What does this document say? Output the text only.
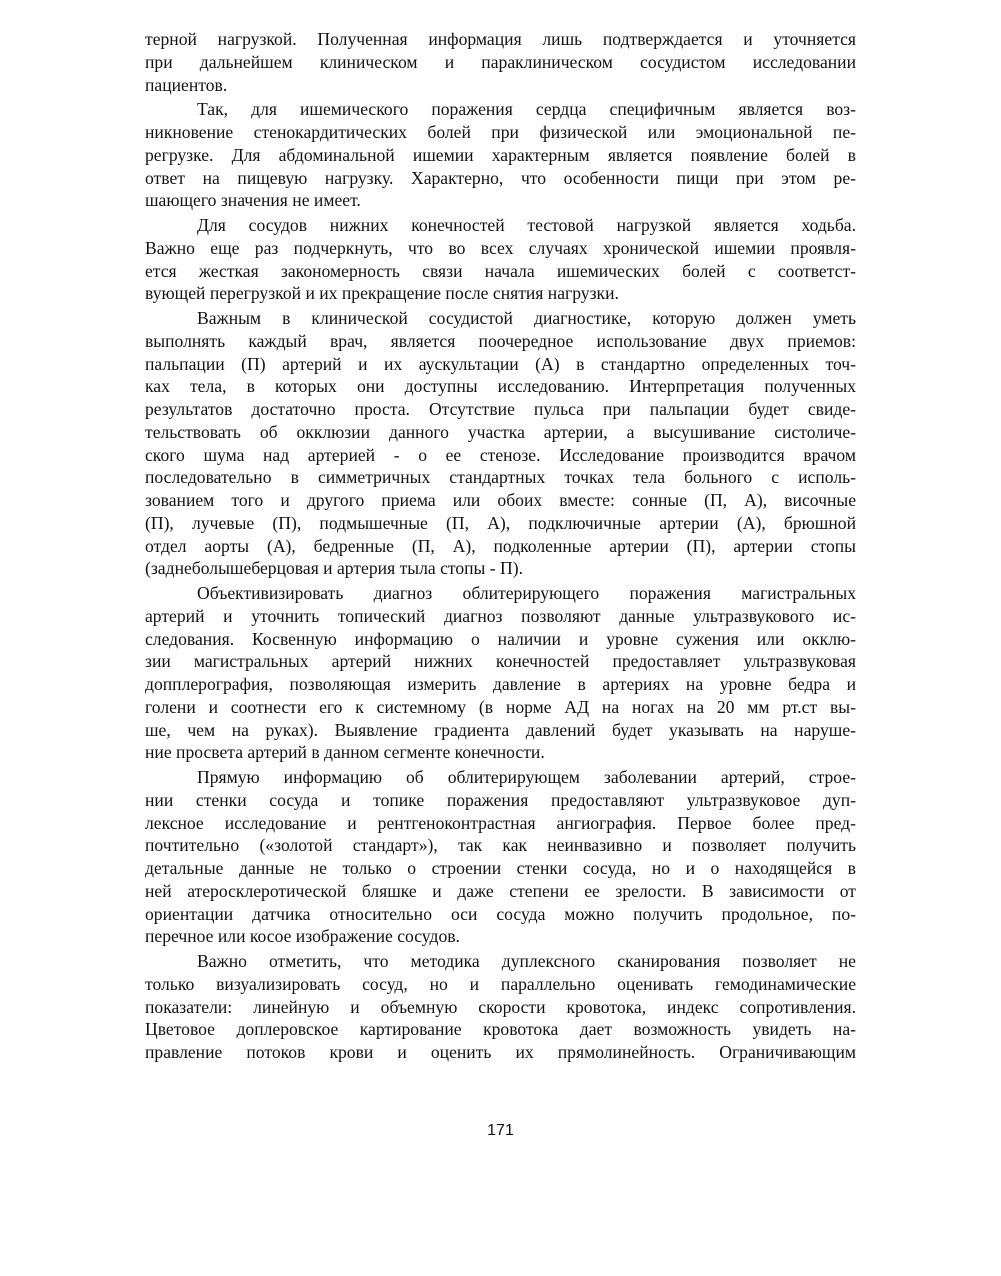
терной нагрузкой. Полученная информация лишь подтверждается и уточняется
при дальнейшем клиническом и параклиническом сосудистом исследовании
пациентов.

Так, для ишемического поражения сердца специфичным является воз-
никновение стенокардитических болей при физической или эмоциональной пе-
регрузке. Для абдоминальной ишемии характерным является появление болей в
ответ на пищевую нагрузку. Характерно, что особенности пищи при этом ре-
шающего значения не имеет.

Для сосудов нижних конечностей тестовой нагрузкой является ходьба.
Важно еще раз подчеркнуть, что во всех случаях хронической ишемии проявля-
ется жесткая закономерность связи начала ишемических болей с соответст-
вующей перегрузкой и их прекращение после снятия нагрузки.

Важным в клинической сосудистой диагностике, которую должен уметь
выполнять каждый врач, является поочередное использование двух приемов:
пальпации (П) артерий и их аускультации (А) в стандартно определенных точ-
ках тела, в которых они доступны исследованию. Интерпретация полученных
результатов достаточно проста. Отсутствие пульса при пальпации будет свиде-
тельствовать об окклюзии данного участка артерии, а высушивание систоличе-
ского шума над артерией - о ее стенозе. Исследование производится врачом
последовательно в симметричных стандартных точках тела больного с исполь-
зованием того и другого приема или обоих вместе: сонные (П, А), височные
(П), лучевые (П), подмышечные (П, А), подключичные артерии (А), брюшной
отдел аорты (А), бедренные (П, А), подколенные артерии (П), артерии стопы
(заднеболышеберцовая и артерия тыла стопы - П).

Объективизировать диагноз облитерирующего поражения магистральных
артерий и уточнить топический диагноз позволяют данные ультразвукового ис-
следования. Косвенную информацию о наличии и уровне сужения или окклю-
зии магистральных артерий нижних конечностей предоставляет ультразвуковая
допплерография, позволяющая измерить давление в артериях на уровне бедра и
голени и соотнести его к системному (в норме АД на ногах на 20 мм рт.ст вы-
ше, чем на руках). Выявление градиента давлений будет указывать на наруше-
ние просвета артерий в данном сегменте конечности.

Прямую информацию об облитерирующем заболевании артерий, строе-
нии стенки сосуда и топике поражения предоставляют ультразвуковое дуп-
лексное исследование и рентгеноконтрастная ангиография. Первое более пред-
почтительно («золотой стандарт»), так как неинвазивно и позволяет получить
детальные данные не только о строении стенки сосуда, но и о находящейся в
ней атеросклеротической бляшке и даже степени ее зрелости. В зависимости от
ориентации датчика относительно оси сосуда можно получить продольное, по-
перечное или косое изображение сосудов.

Важно отметить, что методика дуплексного сканирования позволяет не
только визуализировать сосуд, но и параллельно оценивать гемодинамические
показатели: линейную и объемную скорости кровотока, индекс сопротивления.
Цветовое доплеровское картирование кровотока дает возможность увидеть на-
правление потоков крови и оценить их прямолинейность. Ограничивающим

171
